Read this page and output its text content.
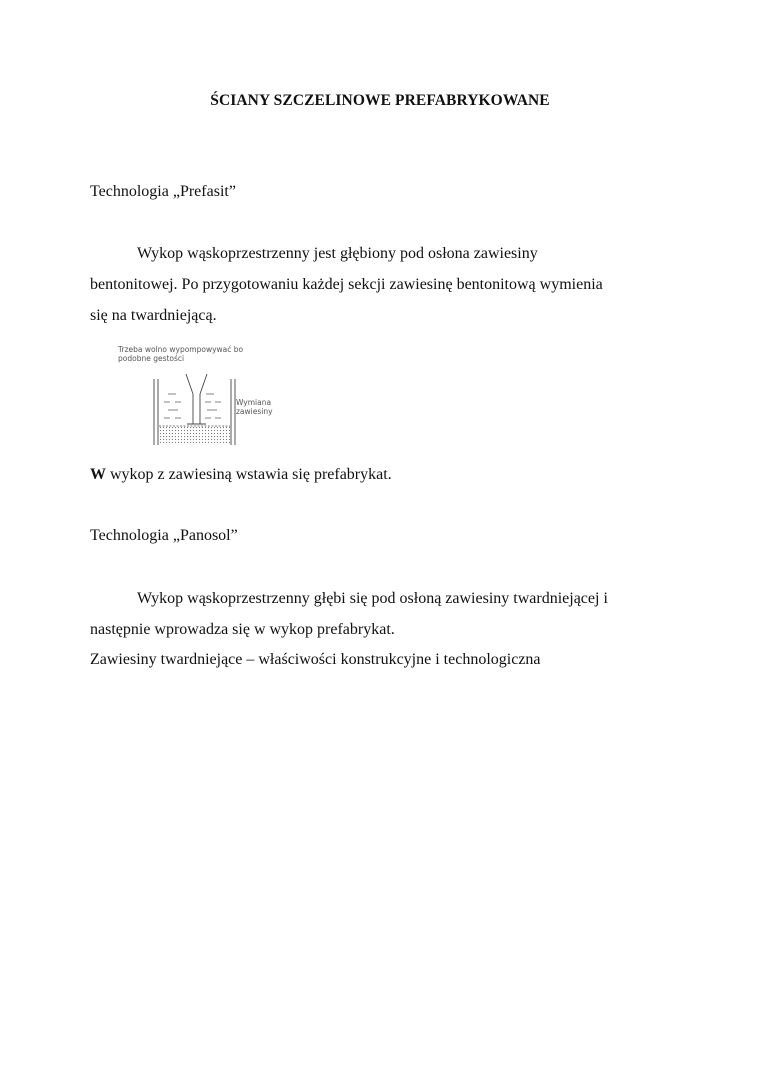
ŚCIANY SZCZELINOWE PREFABRYKOWANE
Technologia „Prefasit”
Wykop wąskoprzestrzenny jest głębiony pod osłona zawiesiny
bentonitowej. Po przygotowaniu każdej sekcji zawiesinę bentonitową wymienia
się na twardniejącą.
Trzeba wolno wypompowywać bo
podobne gestości
Wymiana
zawiesiny
W wykop z zawiesiną wstawia się prefabrykat.
Technologia „Panosol”
Wykop wąskoprzestrzenny głębi się pod osłoną zawiesiny twardniejącej i
następnie wprowadza się w wykop prefabrykat.
Zawiesiny twardniejące – właściwości konstrukcyjne i technologiczna
